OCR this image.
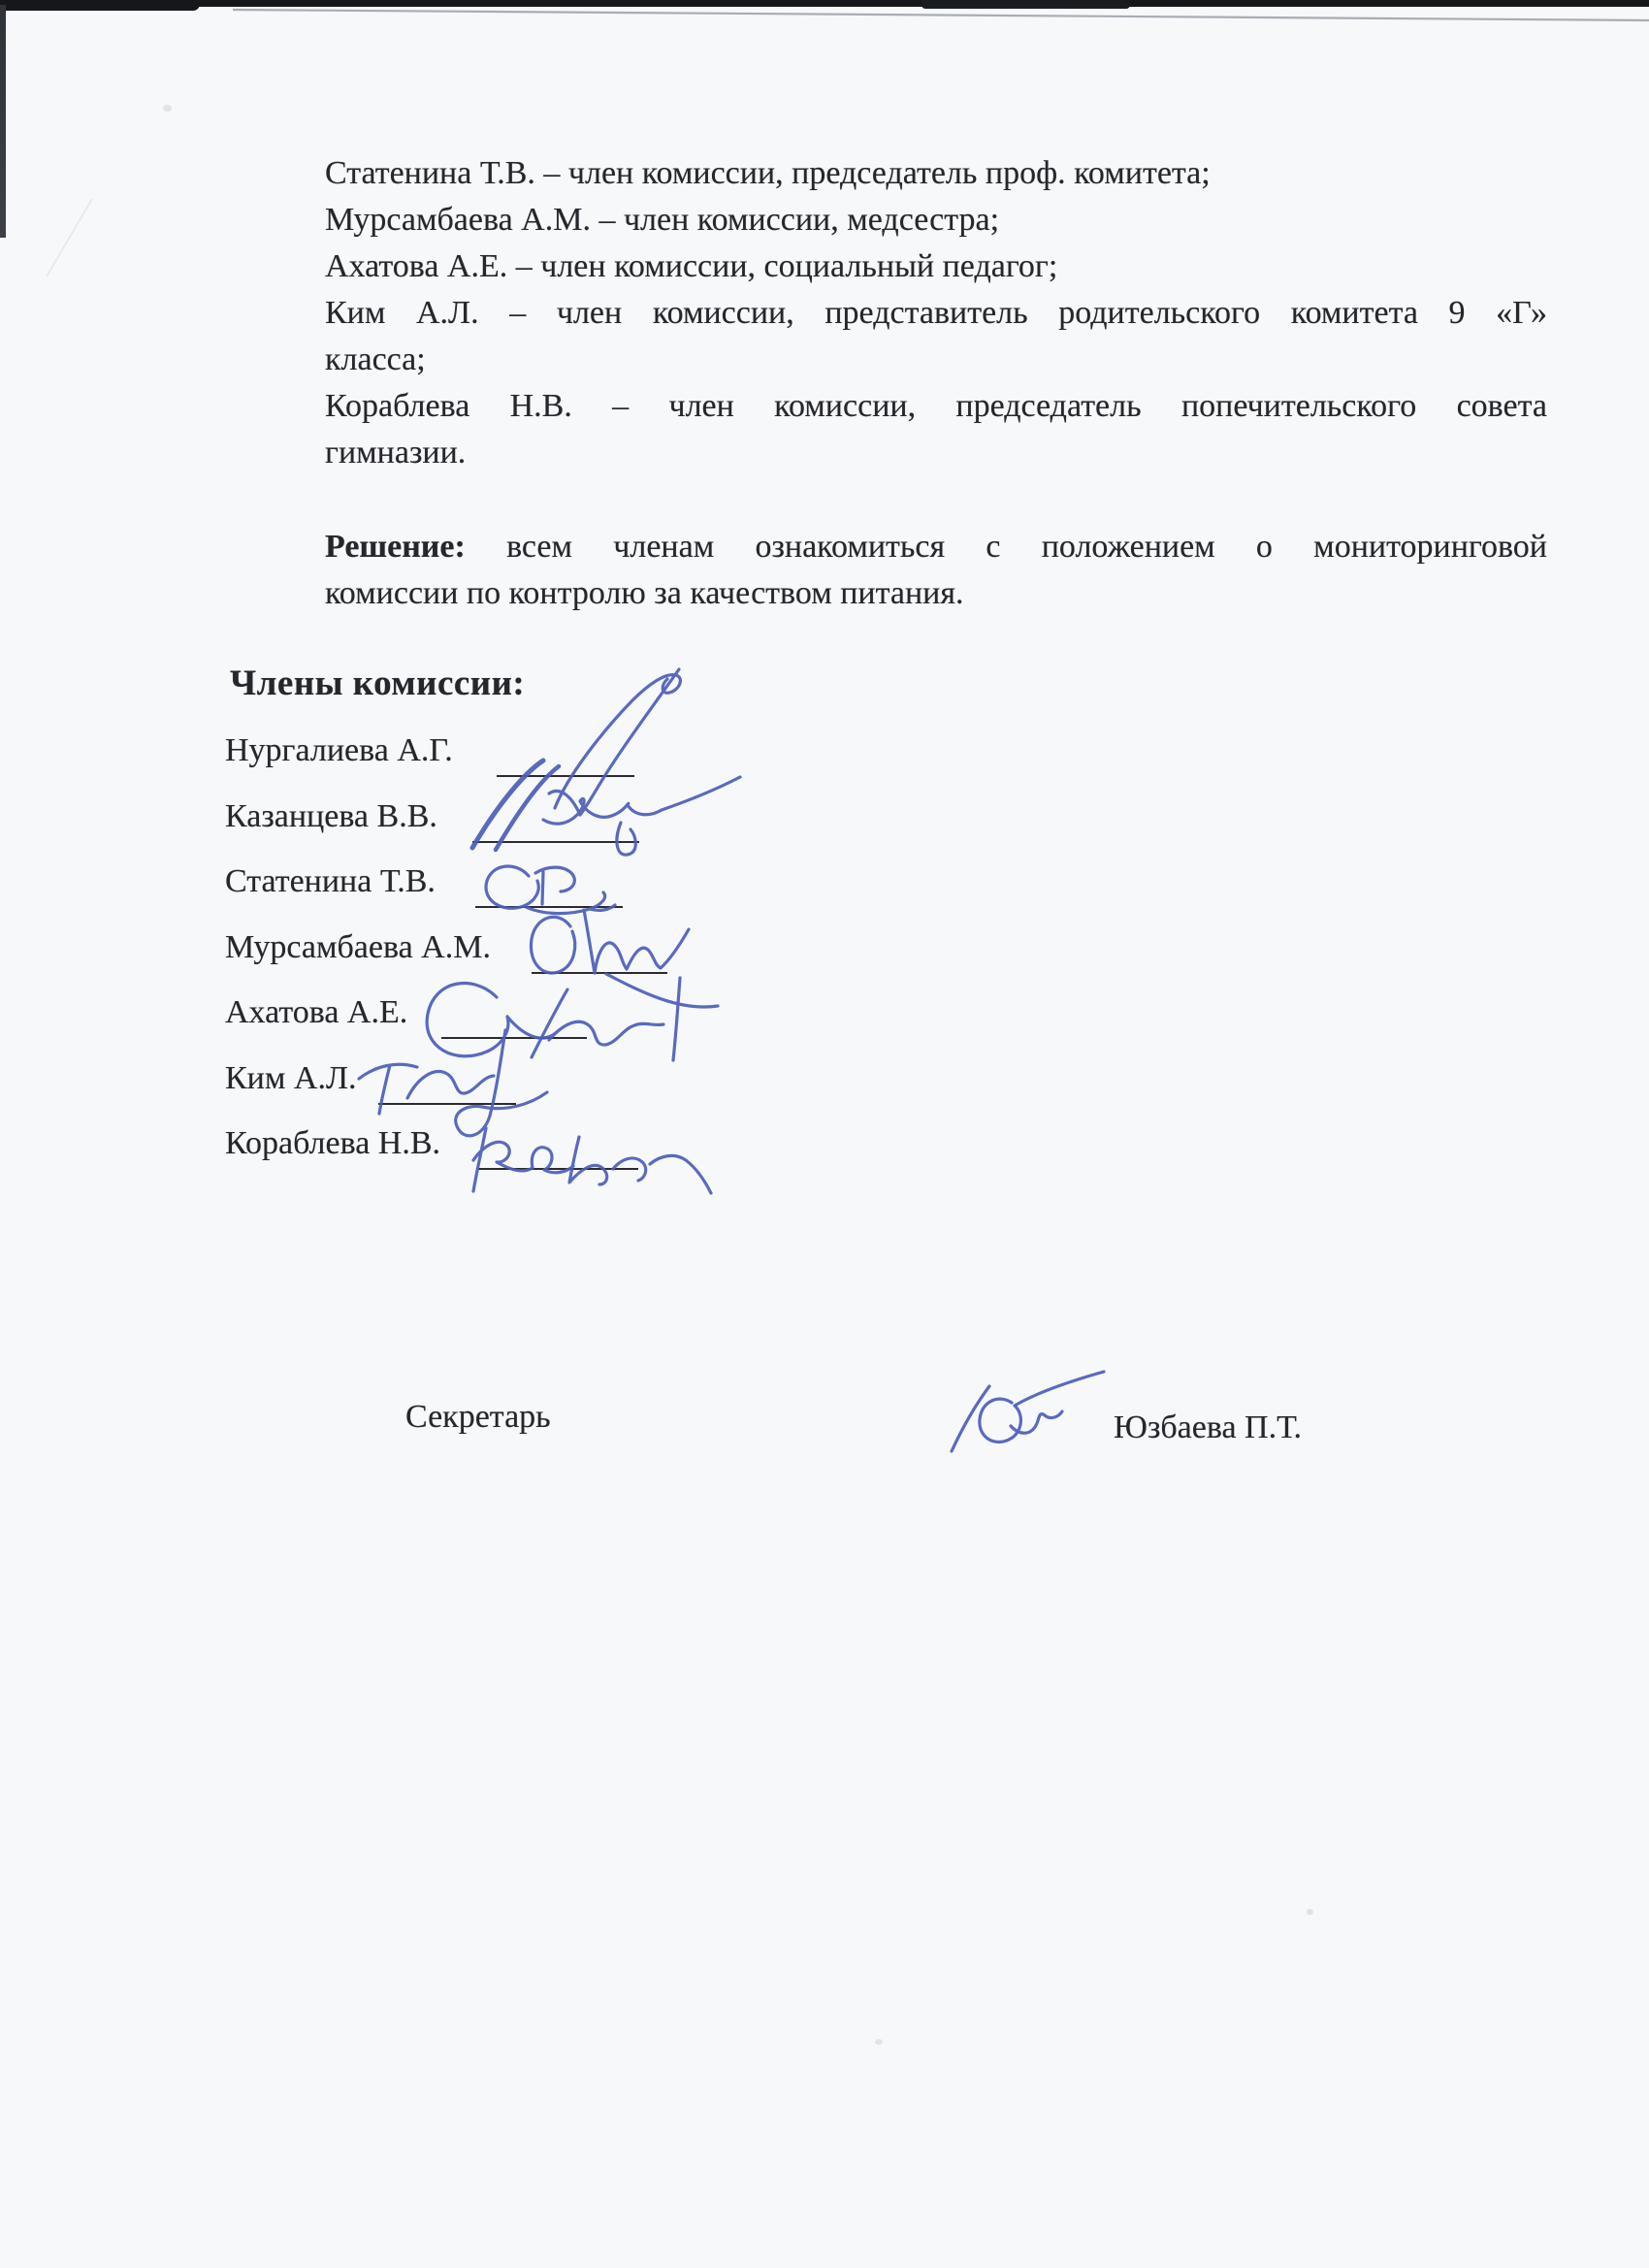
Статенина Т.В. – член комиссии, председатель проф. комитета;
Мурсамбаева А.М. – член комиссии, медсестра;
Ахатова А.Е. – член комиссии, социальный педагог;
Ким А.Л. – член комиссии, представитель родительского комитета 9 «Г»
класса;
Кораблева Н.В. – член комиссии, председатель попечительского совета
гимназии.
Решение: всем членам ознакомиться с положением о мониторинговой
комиссии по контролю за качеством питания.
Члены комиссии:
Нургалиева А.Г.
Казанцева В.В.
Статенина Т.В.
Мурсамбаева А.М.
Ахатова А.Е.
Ким А.Л.
Кораблева Н.В.
Секретарь	Юзбаева П.Т.
